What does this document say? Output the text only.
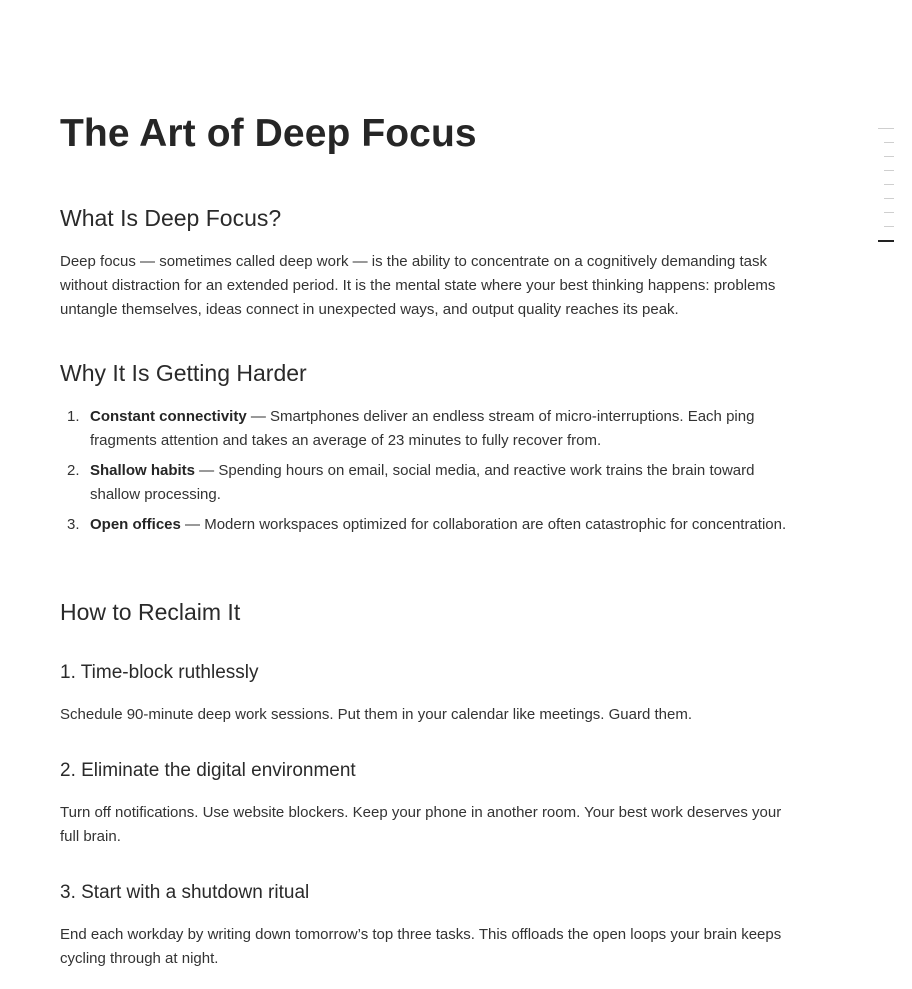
The Art of Deep Focus
What Is Deep Focus?

Deep focus — sometimes called deep work — is the ability to concentrate on a cognitively demanding task without distraction for an extended period. It is the mental state where your best thinking happens: problems untangle themselves, ideas connect in unexpected ways, and output quality reaches its peak.

Why It Is Getting Harder
1. Constant connectivity — Smartphones deliver an endless stream of micro-interruptions. Each ping fragments attention and takes an average of 23 minutes to fully recover from.
2. Shallow habits — Spending hours on email, social media, and reactive work trains the brain toward shallow processing.
3. Open offices — Modern workspaces optimized for collaboration are often catastrophic for concentration.
How to Reclaim It
1. Time-block ruthlessly

Schedule 90-minute deep work sessions. Put them in your calendar like meetings. Guard them.

2. Eliminate the digital environment

Turn off notifications. Use website blockers. Keep your phone in another room. Your best work deserves your full brain.

3. Start with a shutdown ritual

End each workday by writing down tomorrow’s top three tasks. This offloads the open loops your brain keeps cycling through at night.
